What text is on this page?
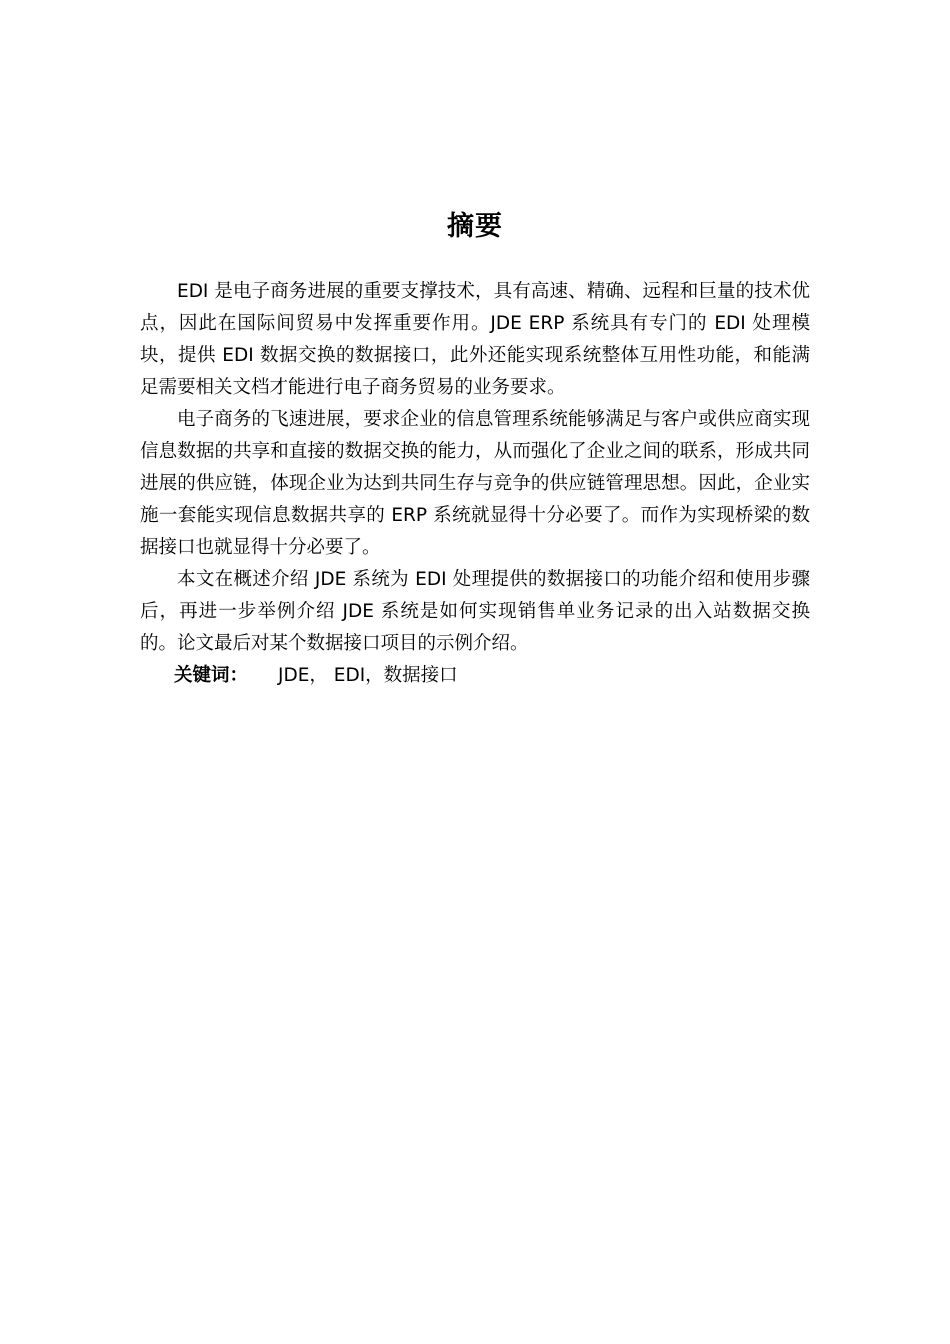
摘要

EDI 是电子商务进展的重要支撑技术，具有高速、精确、远程和巨量的技术优点，因此在国际间贸易中发挥重要作用。JDE ERP 系统具有专门的 EDI 处理模块，提供 EDI 数据交换的数据接口，此外还能实现系统整体互用性功能，和能满足需要相关文档才能进行电子商务贸易的业务要求。

电子商务的飞速进展，要求企业的信息管理系统能够满足与客户或供应商实现信息数据的共享和直接的数据交换的能力，从而强化了企业之间的联系，形成共同进展的供应链，体现企业为达到共同生存与竞争的供应链管理思想。因此，企业实施一套能实现信息数据共享的 ERP 系统就显得十分必要了。而作为实现桥梁的数据接口也就显得十分必要了。

本文在概述介绍 JDE 系统为 EDI 处理提供的数据接口的功能介绍和使用步骤后，再进一步举例介绍 JDE 系统是如何实现销售单业务记录的出入站数据交换的。论文最后对某个数据接口项目的示例介绍。

关键词： JDE， EDI，数据接口
